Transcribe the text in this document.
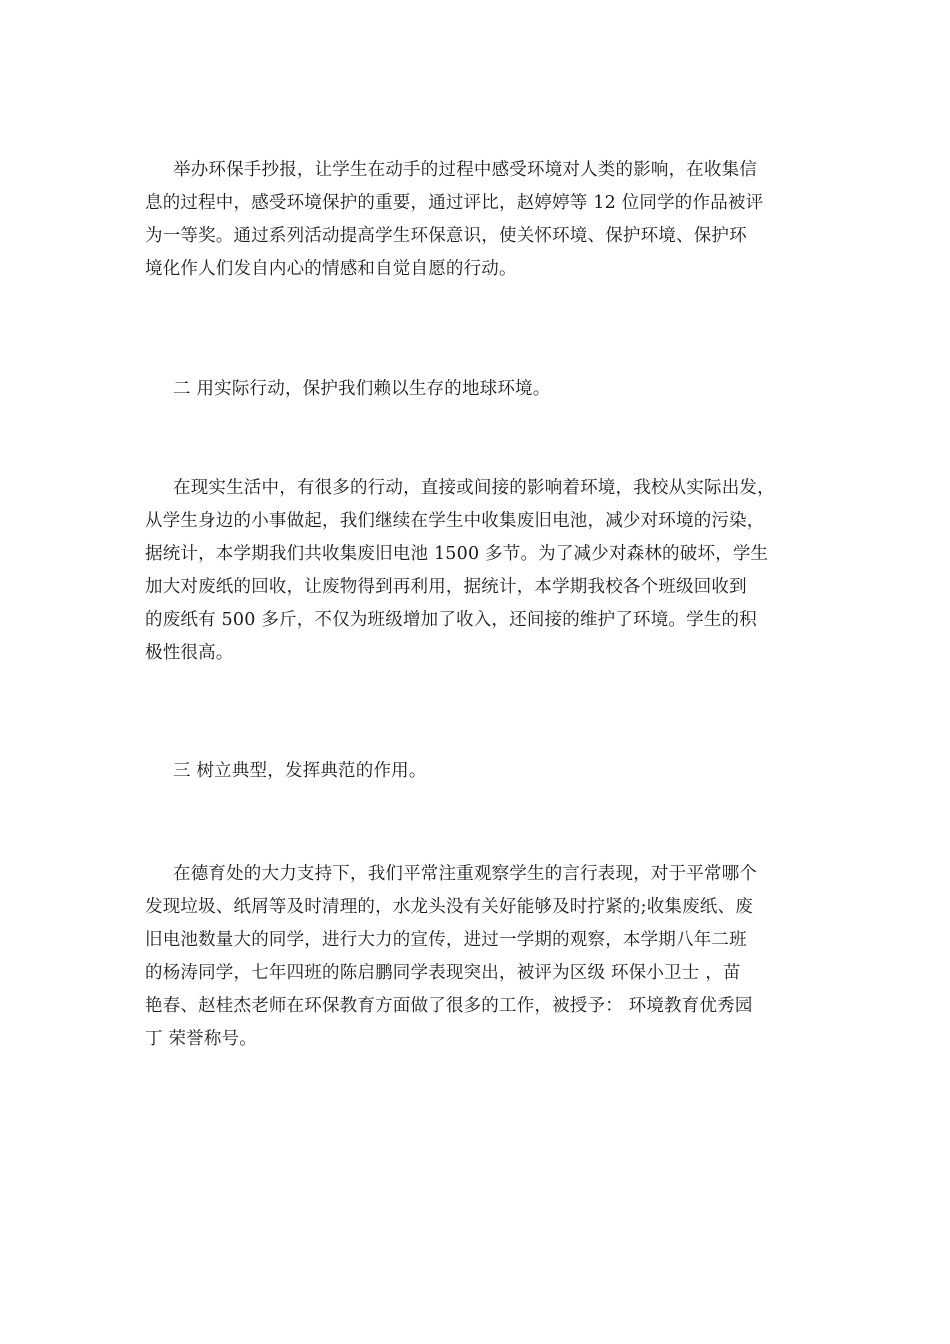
举办环保手抄报，让学生在动手的过程中感受环境对人类的影响，在收集信
息的过程中，感受环境保护的重要，通过评比，赵婷婷等 12 位同学的作品被评
为一等奖。通过系列活动提高学生环保意识，使关怀环境、保护环境、保护环
境化作人们发自内心的情感和自觉自愿的行动。
二 用实际行动，保护我们赖以生存的地球环境。
在现实生活中，有很多的行动，直接或间接的影响着环境，我校从实际出发，
从学生身边的小事做起，我们继续在学生中收集废旧电池，减少对环境的污染，
据统计，本学期我们共收集废旧电池 1500 多节。为了减少对森林的破坏，学生
加大对废纸的回收，让废物得到再利用，据统计，本学期我校各个班级回收到
的废纸有 500 多斤，不仅为班级增加了收入，还间接的维护了环境。学生的积
极性很高。
三 树立典型，发挥典范的作用。
在德育处的大力支持下，我们平常注重观察学生的言行表现，对于平常哪个
发现垃圾、纸屑等及时清理的，水龙头没有关好能够及时拧紧的;收集废纸、废
旧电池数量大的同学，进行大力的宣传，进过一学期的观察，本学期八年二班
的杨涛同学，七年四班的陈启鹏同学表现突出，被评为区级 环保小卫士 ，苗
艳春、赵桂杰老师在环保教育方面做了很多的工作，被授予： 环境教育优秀园
丁 荣誉称号。
